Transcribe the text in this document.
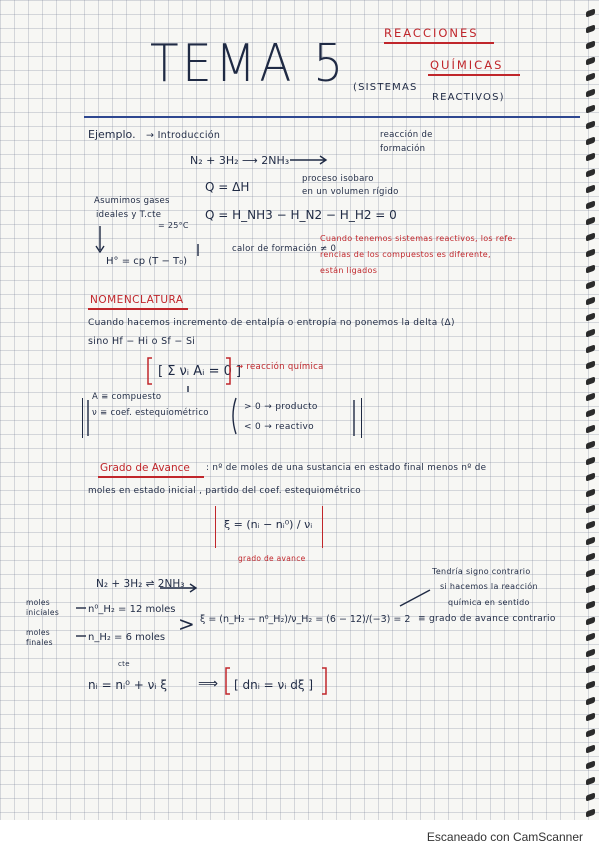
TEMA 5
REACCIONES
QUÍMICAS
(SISTEMAS
REACTIVOS)
Ejemplo. → Introducción	reacción de formación
N₂ + 3H₂ ⟶ 2NH₃
Q = ΔH
proceso isobaro
en un volumen rígido
Asumimos gases
ideales y T.cte
= 25°C
Q = H_NH3 − H_N2 − H_H2 = 0
calor de formación ≠ 0
H° = cp (T − T₀)
Cuando tenemos sistemas reactivos, los refe-
rencias de los compuestos es diferente,
están ligados
NOMENCLATURA
Cuando hacemos incremento de entalpía o entropía no ponemos la delta (Δ)
sino Hf − Hi o Sf − Si
[ Σ νᵢ Aᵢ = 0 ]
→ reacción química
A ≡ compuesto
ν ≡ coef. estequiométrico
> 0 → producto
< 0 → reactivo
Grado de Avance : nº de moles de una sustancia en estado final menos nº de
moles en estado inicial , partido del coef. estequiométrico
ξ = (nᵢ − nᵢ⁰) / νᵢ
grado de avance
N₂ + 3H₂ ⇌ 2NH₃
Tendría signo contrario
si hacemos la reacción
química en sentido
moles iniciales
moles finales
n⁰_H₂ = 12 moles
n_H₂ = 6 moles
> ξ = (n_H₂ − n⁰_H₂)/ν_H₂ = (6 − 12)/(−3) = 2 ≡ grado de avance contrario
cte
nᵢ = nᵢ⁰ + νᵢ ξ ⟹ [ dnᵢ = νᵢ dξ ]
Escaneado con CamScanner
